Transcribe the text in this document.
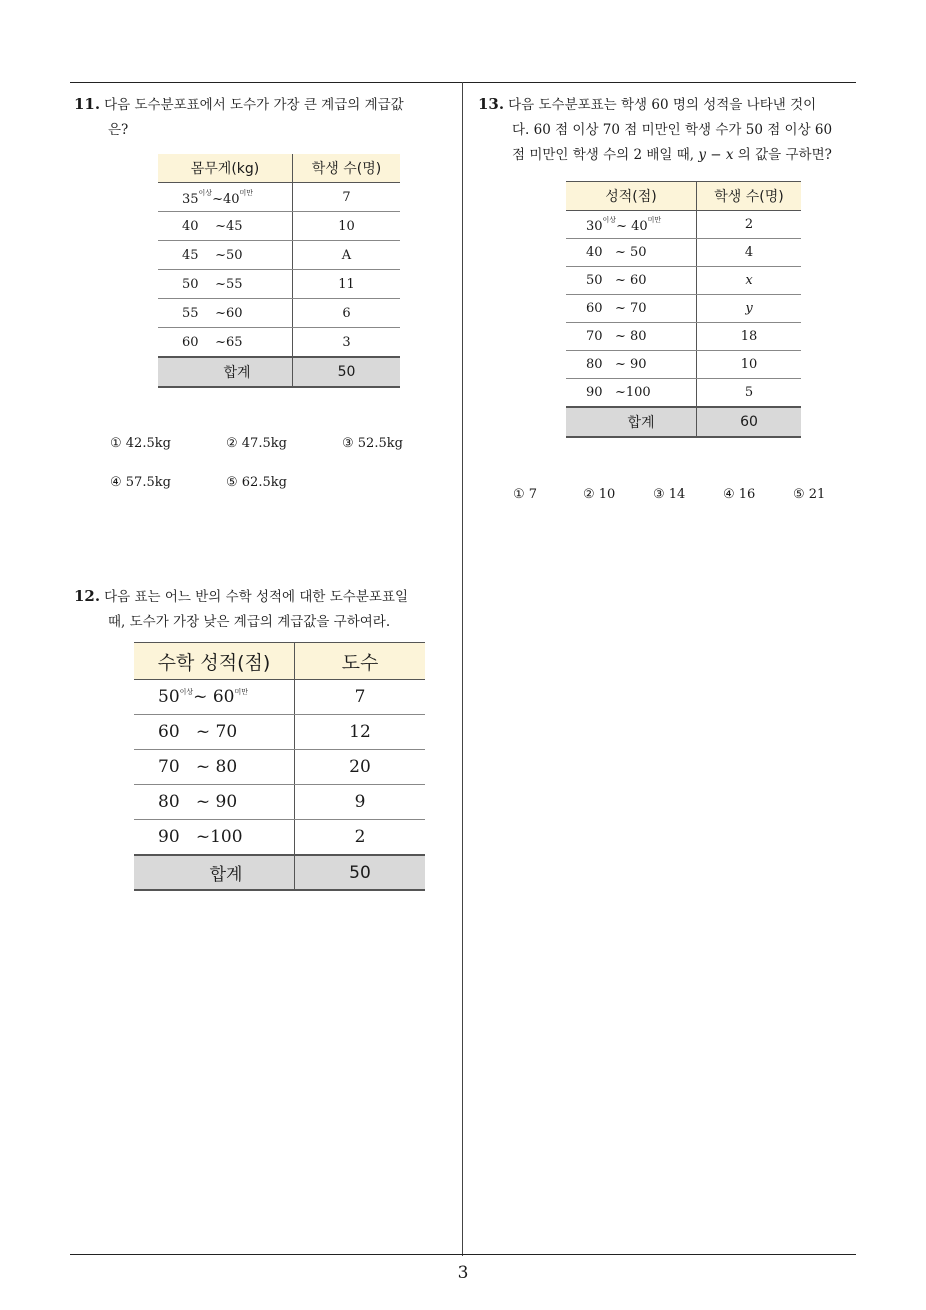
3
11. 다음 도수분포표에서 도수가 가장 큰 계급의 계급값
은?
몸무게(kg)	학생 수(명)
$35^{이상}\sim 40^{미만}$	7
40 ~45	10
45 ~50	A
50 ~55	11
55 ~60	6
60 ~65	3
합계	50
① 42.5kg	② 47.5kg	③ 52.5kg
④ 57.5kg	⑤ 62.5kg
12. 다음 표는 어느 반의 수학 성적에 대한 도수분포표일
때, 도수가 가장 낮은 계급의 계급값을 구하여라.
수학 성적(점)	도수
$50^{이상}\sim$ $60^{미만}$	7
60 ~ 70	12
70 ~ 80	20
80 ~ 90	9
90 ~100	2
합계	50
13. 다음 도수분포표는 학생 60 명의 성적을 나타낸 것이
다. 60 점 이상 70 점 미만인 학생 수가 50 점 이상 60
점 미만인 학생 수의 2 배일 때, y − x 의 값을 구하면?
성적(점)	학생 수(명)
$30^{이상}\sim$ $40^{미만}$	2
40 ~ 50	4
50 ~ 60	x
60 ~ 70	y
70 ~ 80	18
80 ~ 90	10
90 ~100	5
합계	60
① 7	② 10	③ 14	④ 16	⑤ 21
